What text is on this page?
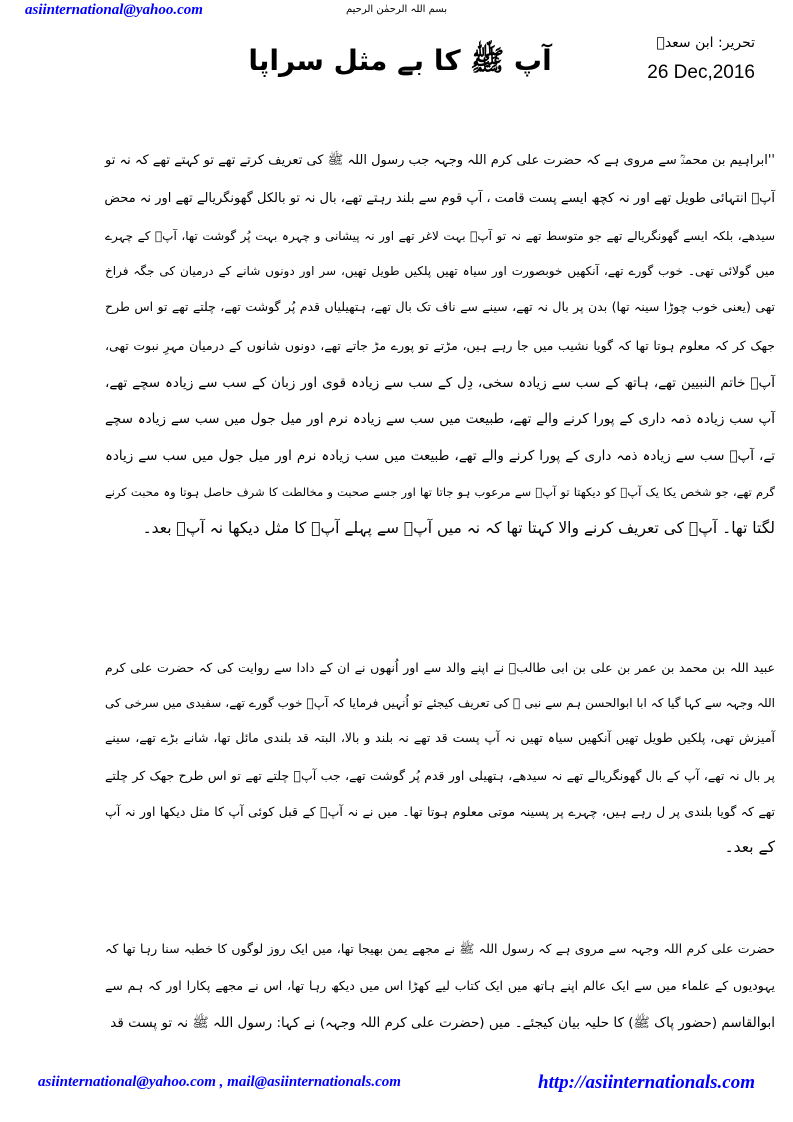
asiinternational@yahoo.com	بسم اللہ الرحمٰن الرحیم
آپ ﷺ کا بے مثل سراپا
تحریر: ابن سعدؒ
26 Dec,2016
''ابراہیم بن محمدؒ سے مروی ہے کہ حضرت علی کرم اللہ وجہہ جب رسول اللہ ﷺ کی تعریف کرتے تھے تو کہتے تھے کہ نہ تو
آپؐ انتہائی طویل تھے اور نہ کچھ ایسے پست قامت ، آپ قوم سے بلند رہتے تھے، بال نہ تو بالکل گھونگریالے تھے اور نہ محض
سیدھے، بلکہ ایسے گھونگریالے تھے جو متوسط تھے نہ تو آپؐ بہت لاغر تھے اور نہ پیشانی و چہرہ بہت پُر گوشت تھا، آپؐ کے چہرے
میں گولائی تھی۔ خوب گورے تھے، آنکھیں خوبصورت اور سیاہ تھیں پلکیں طویل تھیں، سر اور دونوں شانے کے درمیان کی جگہ فراخ
تھی (یعنی خوب چوڑا سینہ تھا) بدن پر بال نہ تھے، سینے سے ناف تک بال تھے، ہتھیلیاں قدم پُر گوشت تھے، چلتے تھے تو اس طرح
جھک کر کہ معلوم ہوتا تھا کہ گویا نشیب میں جا رہے ہیں، مڑتے تو پورے مڑ جاتے تھے، دونوں شانوں کے درمیان مہرِ نبوت تھی،
آپؐ خاتم النبیین تھے، ہاتھ کے سب سے زیادہ سخی، دِل کے سب سے زیادہ قوی اور زبان کے سب سے زیادہ سچے تھے،
آپ سب زیادہ ذمہ داری کے پورا کرنے والے تھے، طبیعت میں سب سے زیادہ نرم اور میل جول میں سب سے زیادہ سچے
تے، آپؐ سب سے زیادہ ذمہ داری کے پورا کرنے والے تھے، طبیعت میں سب زیادہ نرم اور میل جول میں سب سے زیادہ
گرم تھے، جو شخص یکا یک آپؐ کو دیکھتا تو آپؐ سے مرعوب ہو جاتا تھا اور جسے صحبت و مخالطت کا شرف حاصل ہوتا وہ محبت کرنے
لگتا تھا۔ آپؐ کی تعریف کرنے والا کہتا تھا کہ نہ میں آپؐ سے پہلے آپؐ کا مثل دیکھا نہ آپؐ بعد۔
عبید اللہ بن محمد بن عمر بن علی بن ابی طالبؓ نے اپنے والد سے اور اُنھوں نے ان کے دادا سے روایت کی کہ حضرت علی کرم
اللہ وجہہ سے کہا گیا کہ ابا ابوالحسن ہم سے نبی ﷺ کی تعریف کیجئے تو اُنہیں فرمایا کہ آپؐ خوب گورے تھے، سفیدی میں سرخی کی
آمیزش تھی، پلکیں طویل تھیں آنکھیں سیاہ تھیں نہ آپ پست قد تھے نہ بلند و بالا، البتہ قد بلندی مائل تھا، شانے بڑے تھے، سینے
پر بال نہ تھے، آپ کے بال گھونگریالے تھے نہ سیدھے، ہتھیلی اور قدم پُر گوشت تھے، جب آپؐ چلتے تھے تو اس طرح جھک کر چلتے
تھے کہ گویا بلندی پر ل رہے ہیں، چہرے پر پسینہ موتی معلوم ہوتا تھا۔ میں نے نہ آپؐ کے قبل کوئی آپ کا مثل دیکھا اور نہ آپ
کے بعد۔
حضرت علی کرم اللہ وجہہ سے مروی ہے کہ رسول اللہ ﷺ نے مجھے یمن بھیجا تھا، میں ایک روز لوگوں کا خطبہ سنا رہا تھا کہ
یہودیوں کے علماء میں سے ایک عالم اپنے ہاتھ میں ایک کتاب لیے کھڑا اس میں دیکھ رہا تھا، اس نے مجھے پکارا اور کہ ہم سے
ابوالقاسم (حضور پاک ﷺ) کا حلیہ بیان کیجئے۔ میں (حضرت علی کرم اللہ وجہہ) نے کہا: رسول اللہ ﷺ نہ تو پست قد
asiinternational@yahoo.com , mail@asiinternationals.com	http://asiinternationals.com
